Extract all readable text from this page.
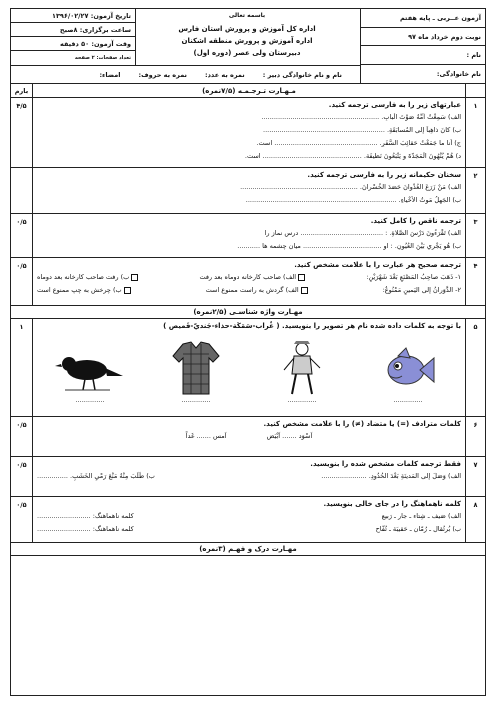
آزمون عــربی ـ پایه هفتم
نوبت دوم خرداد ماه ۹۷
نام :
نام خانوادگی:
باسمه تعالی
اداره کل آموزش و پرورش استان فارس
اداره آموزش و پرورش منطقه اشکنان
دبیرستان ولی عصر (دوره اول)
تاریخ آزمون: ۱۳۹۶/۰۲/۲۷
ساعت برگزاری: ۸صبح
وقت آزمون: ۵۰ دقیقه
تعداد صفحات: ۲ صفحه
نام و نام خانوادگی دبیر :
نمره به عدد:
نمره به حروف:
امضاء:
مـهـارت تـرجـمـه (۷/۵نمره)
بارم
۱
۴/۵	عبارتهای زیر را به فارسی ترجمه کنید.
الف) سَمِعْتُ اُمِّهُ صَوْتَ الْبابِ. .........................................................
ب) کانَ ذاهِباً إلی المُسابَقَةِ. ...........................................................
ج) أنا ما جَمَعْتُ حَقائِبَ السَّفَرِ. .................................................. است.
د) هُمْ يُنْهُونَ الْمَجَدّةَ و يَتْبَعُونَ نَظيفَة. ................................................ است.
۲
سخنان حکیمانه زیر را به فارسی ترجمه کنید.
الف) مَنْ زَرَعَ العُدْوانَ حَصَدَ الخُسْرانَ. .........................................................
ب) الجَهلُ مَوتُ الأَحْياءِ. .........................................................................
۳
۰/۵	ترجمه ناقص را کامل کنید.
الف) تَقْرَءُونَ دَرْسَ الصَّلاةِ. : ........................................ درس نماز را
ب) هُو يَجْري بَيْنَ العُيُونِ. : او ...................................... میان چشمه ها ...........
۴
۰/۵	ترجمه صحیح هر عبارت را با علامت مشخص کنید.
١- ذَهَبَ صاحِبُ المَصْنَعِ بَعْدَ شَهْرَيْنِ:
الف) صاحب کارخانه دوماه بعد رفت
ب) رفت صاحب کارخانه بعد دوماه
٢- الدَّوَرانُ إلی الیَمینِ مَمْنُوعٌ:
الف) گردش به راست ممنوع است
ب) چرخش به چپ ممنوع است
مهـارت واژه شناسـی (۲/۵نمره)
۵
۱	با توجه به کلمات داده شده نام هر تصویر را بنویسید. ( غُراب-سَمَكَة-حذاء-جَنديّ-قَميص )
..............	..............	..............	..............
۶
۰/۵	کلمات مترادف (=) یا متضاد (≠) را با علامت مشخص کنید.
اَسْوَد ....... اَبْيَض
اَمس ....... غَداً
۷
۰/۵	فقط ترجمه کلمات مشخص شده را بنویسید.
الف) وَصَلَ إلی المَدينَةِ بَعْدَ الحُدُودِ. ......................
ب) طَلَبَ مِنْهُ مَنْعَ رَمْيِ الخَشَبِ. ...............
۸
۰/۵	کلمه ناهماهنگ را در جای خالی بنویسید.
الف) صَيف ـ شِتاء ـ جار ـ رَبيع
کلمه ناهماهنگ: ..........................
ب) بُرتُقال ـ رُمّان ـ حَقيبَة ـ تُفّاح
کلمه ناهماهنگ: ..........................
مهـارت درک و فهـم (۳نمره)
